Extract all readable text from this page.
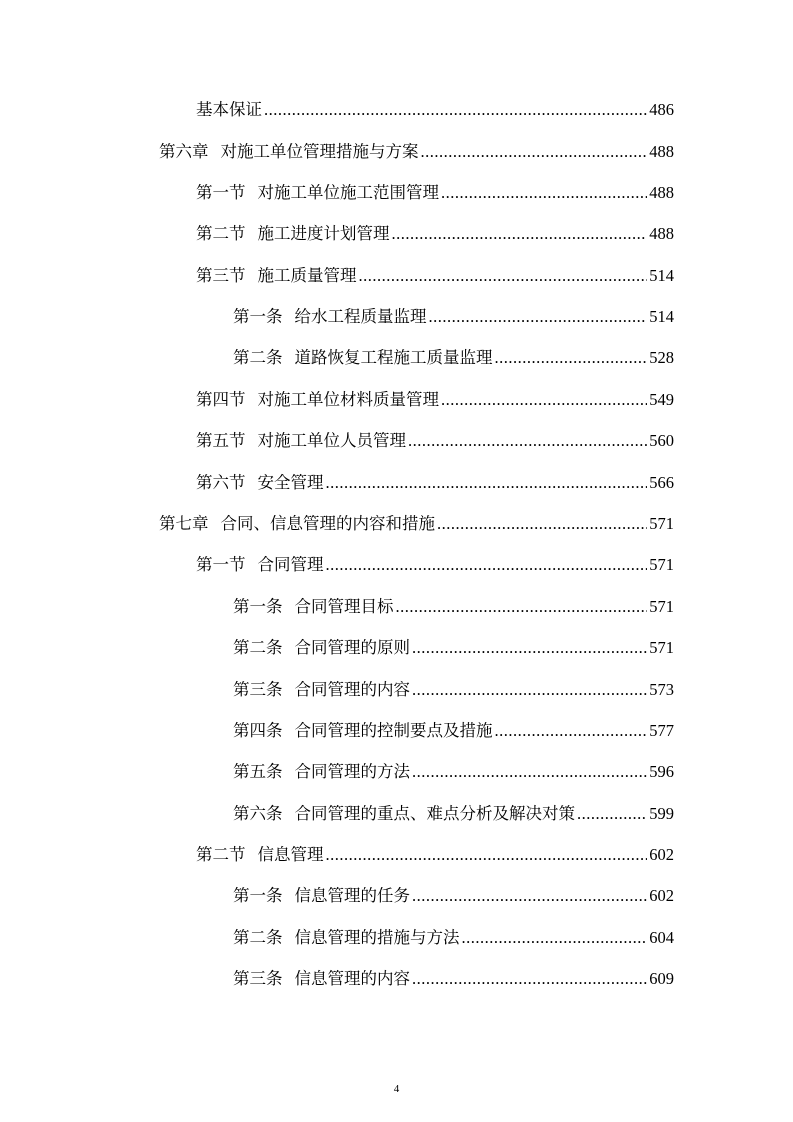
基本保证 .....	486
第六章 对施工单位管理措施与方案 .....	488
第一节 对施工单位施工范围管理 .....	488
第二节 施工进度计划管理 .....	488
第三节 施工质量管理 .....	514
第一条 给水工程质量监理 .....	514
第二条 道路恢复工程施工质量监理 .....	528
第四节 对施工单位材料质量管理 .....	549
第五节 对施工单位人员管理 .....	560
第六节 安全管理 .....	566
第七章 合同、信息管理的内容和措施 .....	571
第一节 合同管理 .....	571
第一条 合同管理目标 .....	571
第二条 合同管理的原则 .....	571
第三条 合同管理的内容 .....	573
第四条 合同管理的控制要点及措施 .....	577
第五条 合同管理的方法 .....	596
第六条 合同管理的重点、难点分析及解决对策 .....	599
第二节 信息管理 .....	602
第一条 信息管理的任务 .....	602
第二条 信息管理的措施与方法 .....	604
第三条 信息管理的内容 .....	609
4
